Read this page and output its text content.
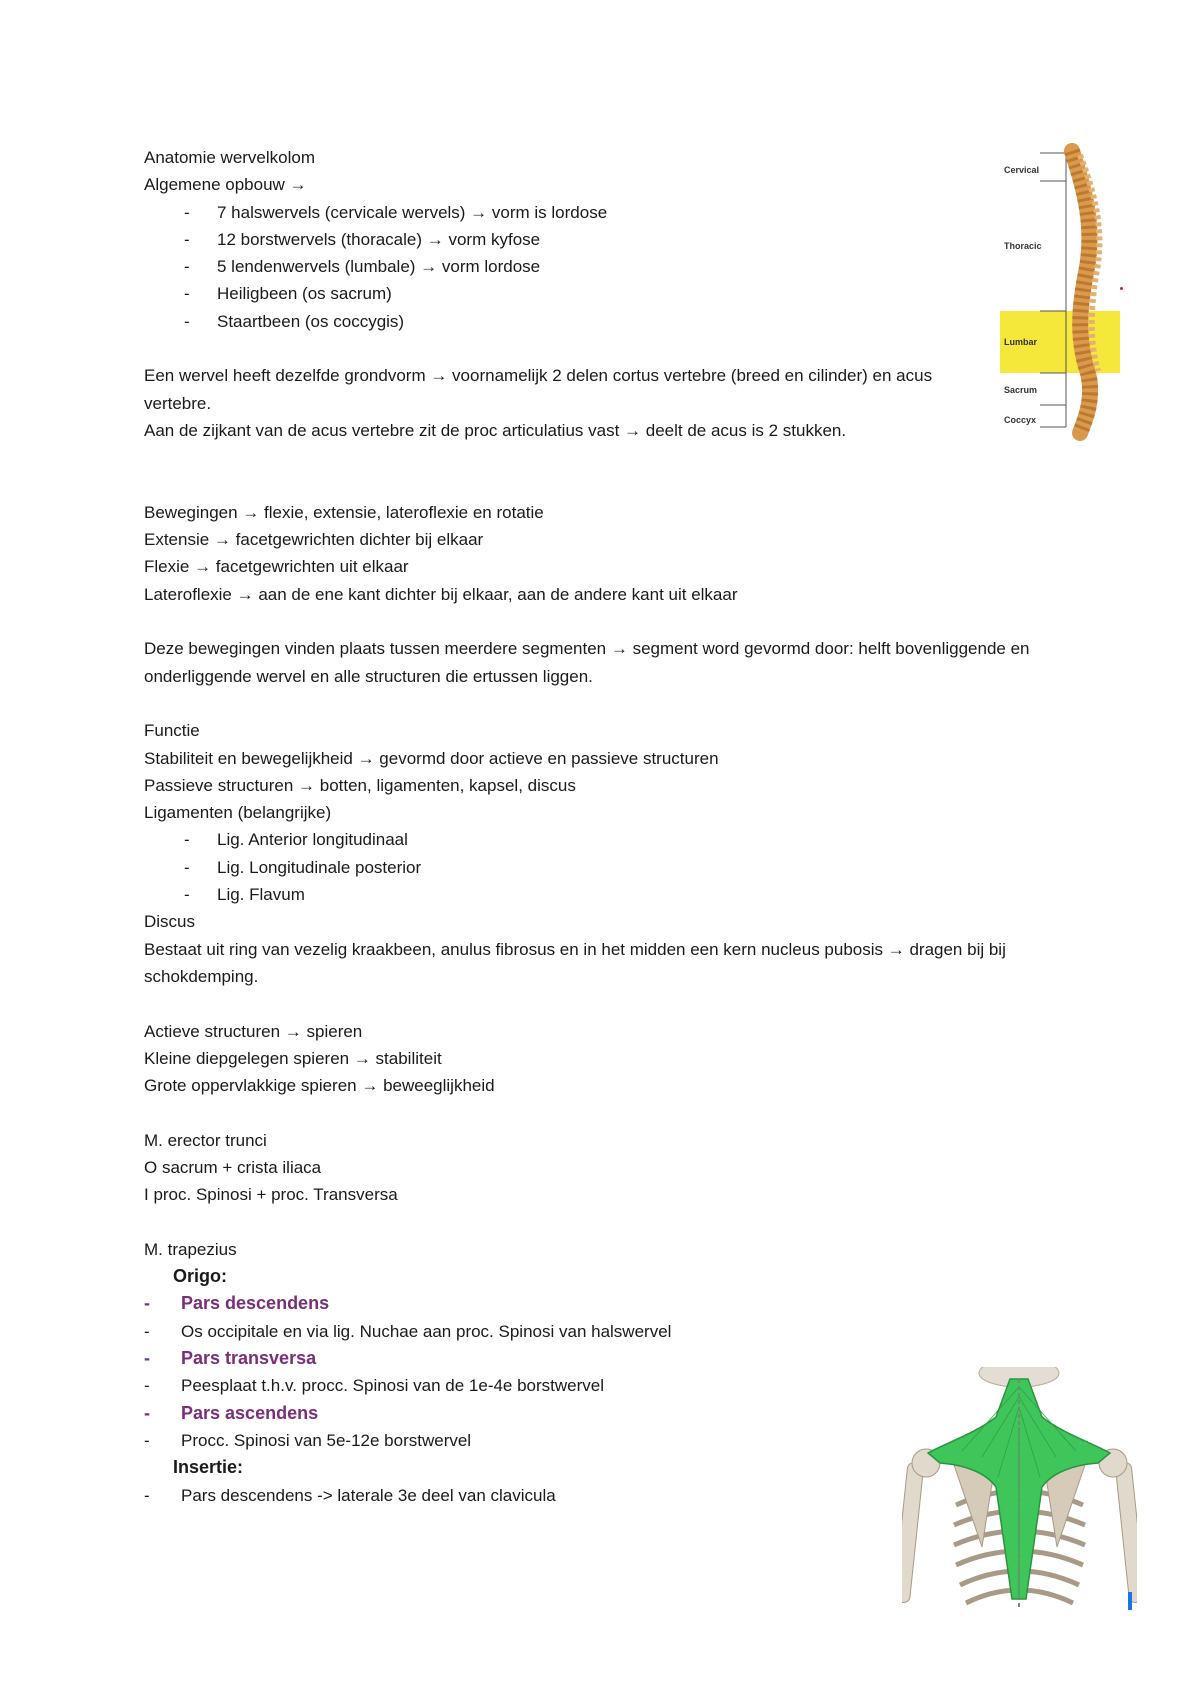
Anatomie wervelkolom
Algemene opbouw →
- 7 halswervels (cervicale wervels) → vorm is lordose
- 12 borstwervels (thoracale) → vorm kyfose
- 5 lendenwervels (lumbale) → vorm lordose
- Heiligbeen (os sacrum)
- Staartbeen (os coccygis)
Een wervel heeft dezelfde grondvorm → voornamelijk 2 delen cortus vertebre (breed en cilinder) en acus vertebre.
Aan de zijkant van de acus vertebre zit de proc articulatius vast → deelt de acus is 2 stukken.
Bewegingen → flexie, extensie, lateroflexie en rotatie
Extensie → facetgewrichten dichter bij elkaar
Flexie → facetgewrichten uit elkaar
Lateroflexie → aan de ene kant dichter bij elkaar, aan de andere kant uit elkaar
Deze bewegingen vinden plaats tussen meerdere segmenten → segment word gevormd door: helft bovenliggende en onderliggende wervel en alle structuren die ertussen liggen.
Functie
Stabiliteit en bewegelijkheid → gevormd door actieve en passieve structuren
Passieve structuren → botten, ligamenten, kapsel, discus
Ligamenten (belangrijke)
- Lig. Anterior longitudinaal
- Lig. Longitudinale posterior
- Lig. Flavum
Discus
Bestaat uit ring van vezelig kraakbeen, anulus fibrosus en in het midden een kern nucleus pubosis → dragen bij bij schokdemping.
Actieve structuren → spieren
Kleine diepgelegen spieren → stabiliteit
Grote oppervlakkige spieren → beweeglijkheid
M. erector trunci
O sacrum + crista iliaca
I proc. Spinosi + proc. Transversa
M. trapezius
Origo:
- Pars descendens
- Os occipitale en via lig. Nuchae aan proc. Spinosi van halswervel
- Pars transversa
- Peesplaat t.h.v. procc. Spinosi van de 1e-4e borstwervel
- Pars ascendens
- Procc. Spinosi van 5e-12e borstwervel
Insertie:
- Pars descendens -> laterale 3e deel van clavicula
Cervical
Thoracic
Lumbar
Sacrum
Coccyx
